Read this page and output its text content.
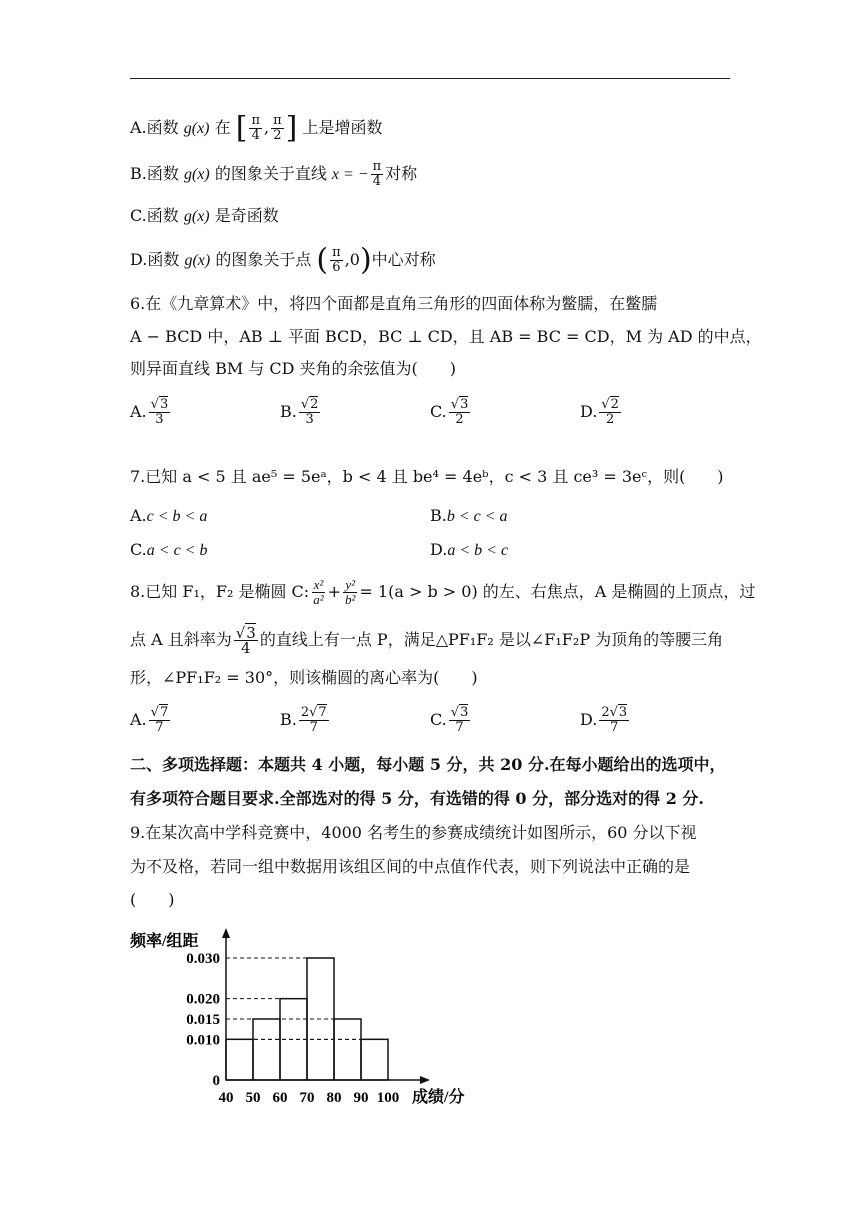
A.函数 g(x) 在 [ $\frac{\pi}{4}$ , $\frac{\pi}{2}$ ] 上是增函数
B.函数 g(x) 的图象关于直线 x = − $\frac{\pi}{4}$ 对称
C.函数 g(x) 是奇函数
D.函数 g(x) 的图象关于点 ( $\frac{\pi}{6} ,0$)中心对称
6.在《九章算术》中，将四个面都是直角三角形的四面体称为鳖臑，在鳖臑
A − BCD 中，AB ⊥ 平面 BCD，BC ⊥ CD，且 AB = BC = CD，M 为 AD 的中点，
则异面直线 BM 与 CD 夹角的余弦值为(　　)
A. $\frac{√3}{3}$	B. $\frac{√2}{3}$	C. $\frac{√3}{2}$	D. $\frac{√2}{2}$
7.已知 a < 5 且 ae⁵ = 5eᵃ，b < 4 且 be⁴ = 4eᵇ，c < 3 且 ce³ = 3eᶜ，则(　　)
A.c < b < a	B.b < c < a
C.a < c < b	D.a < b < c
8.已知 F₁，F₂ 是椭圆 C: $\frac{\text{x²}}{\text{a²}} + \frac{\text{y²}}{\text{b²}} = 1(a > b > 0)$ 的左、右焦点，A 是椭圆的上顶点，过
点 A 且斜率为 $\frac{√3}{4}$ 的直线上有一点 P，满足△PF₁F₂ 是以∠F₁F₂P 为顶角的等腰三角
形，∠PF₁F₂ = 30°，则该椭圆的离心率为(　　)
A. $\frac{√7}{7}$	B. $\frac{2√7}{7}$	C. $\frac{√3}{7}$	D. $\frac{2√3}{7}$
二、多项选择题：本题共 4 小题，每小题 5 分，共 20 分.在每小题给出的选项中，
有多项符合题目要求.全部选对的得 5 分，有选错的得 0 分，部分选对的得 2 分.
9.在某次高中学科竞赛中，4000 名考生的参赛成绩统计如图所示，60 分以下视
为不及格，若同一组中数据用该组区间的中点值作代表，则下列说法中正确的是
(　　)
0
0.010
0.015
0.020
0.030
40 50 60 70 80 90 100
频率/组距
成绩/分
